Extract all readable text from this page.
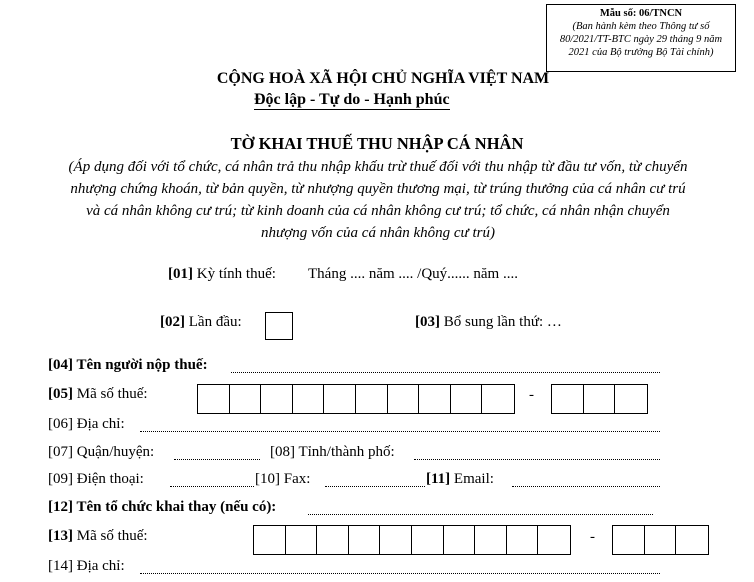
Mẫu số: 06/TNCN
(Ban hành kèm theo Thông tư số
80/2021/TT-BTC ngày 29 tháng 9 năm
2021 của Bộ trưởng Bộ Tài chính)
CỘNG HOÀ XÃ HỘI CHỦ NGHĨA VIỆT NAM
Độc lập - Tự do - Hạnh phúc
TỜ KHAI THUẾ THU NHẬP CÁ NHÂN
(Áp dụng đối với tổ chức, cá nhân trả thu nhập khấu trừ thuế đối với thu nhập từ đầu tư vốn, từ chuyển nhượng chứng khoán, từ bản quyền, từ nhượng quyền thương mại, từ trúng thưởng của cá nhân cư trú và cá nhân không cư trú; từ kinh doanh của cá nhân không cư trú; tổ chức, cá nhân nhận chuyển nhượng vốn của cá nhân không cư trú)
[01] Kỳ tính thuế: Tháng .... năm .... /Quý...... năm ....
[02] Lần đầu:	[03] Bổ sung lần thứ: …
[04] Tên người nộp thuế:
[05] Mã số thuế:	-
[06] Địa chỉ:
[07] Quận/huyện:	[08] Tỉnh/thành phố:
[09] Điện thoại:	[10] Fax:	[11] Email:
[12] Tên tổ chức khai thay (nếu có):
[13] Mã số thuế:	-
[14] Địa chỉ:
